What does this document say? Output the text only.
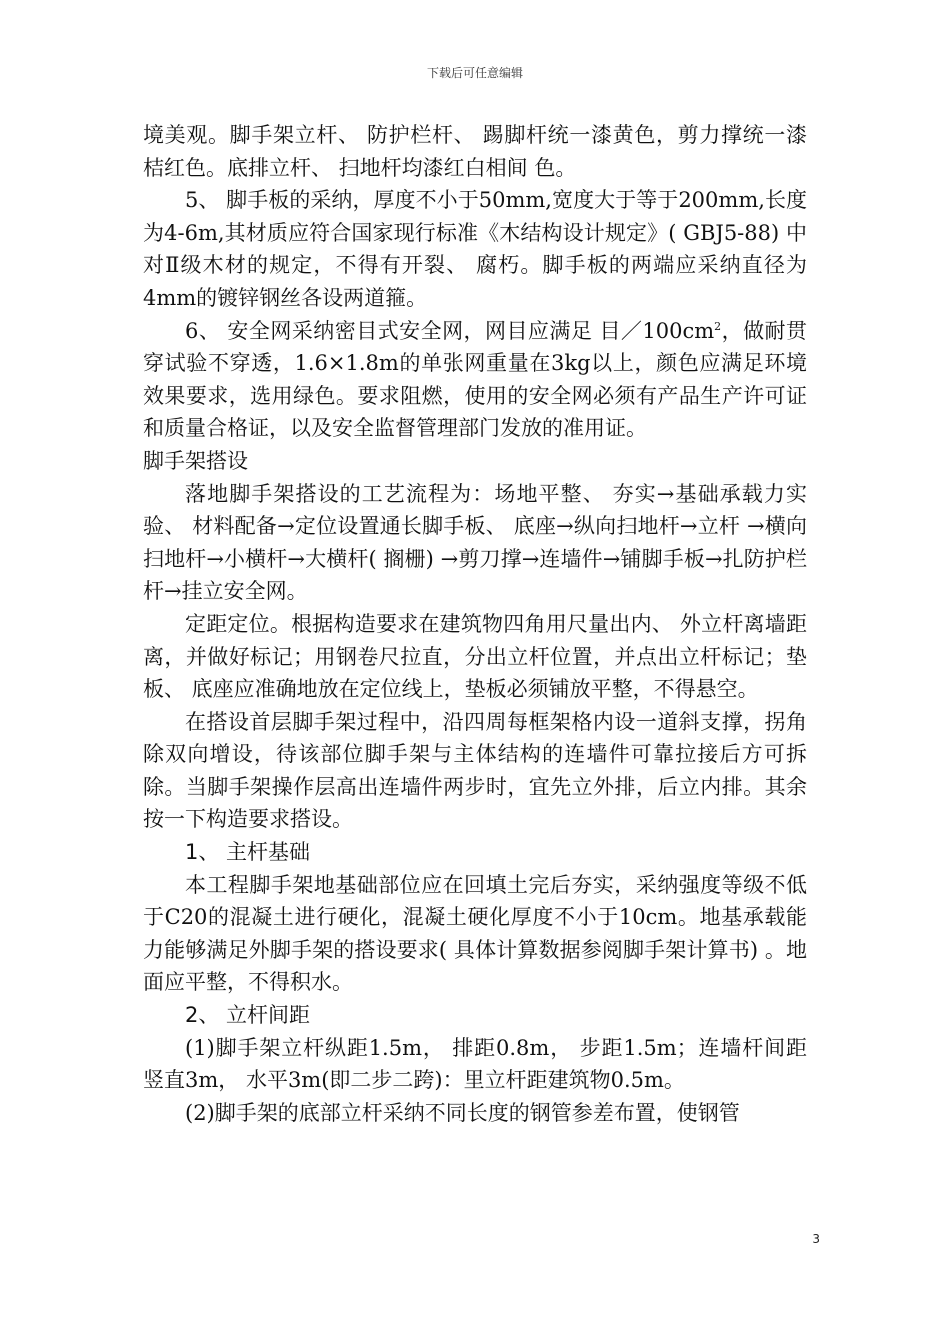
下载后可任意编辑

境美观。脚手架立杆、 防护栏杆、 踢脚杆统一漆黄色，剪力撑统一漆桔红色。底排立杆、 扫地杆均漆红白相间 色。

5、 脚手板的采纳，厚度不小于50mm,宽度大于等于200mm,长度为4-6m,其材质应符合国家现行标准《木结构设计规定》( GBJ5-88) 中对Ⅱ级木材的规定，不得有开裂、 腐朽。脚手板的两端应采纳直径为4mm的镀锌钢丝各设两道箍。

6、 安全网采纳密目式安全网，网目应满足 目$/100cm^2$，做耐贯穿试验不穿透，1.6×1.8m的单张网重量在3kg以上，颜色应满足环境效果要求，选用绿色。要求阻燃，使用的安全网必须有产品生产许可证和质量合格证，以及安全监督管理部门发放的准用证。

脚手架搭设

落地脚手架搭设的工艺流程为：场地平整、 夯实→基础承载力实验、 材料配备→定位设置通长脚手板、 底座→纵向扫地杆→立杆 →横向扫地杆→小横杆→大横杆( 搁栅) →剪刀撑→连墙件→铺脚手板→扎防护栏杆→挂立安全网。

定距定位。根据构造要求在建筑物四角用尺量出内、 外立杆离墙距离，并做好标记；用钢卷尺拉直，分出立杆位置，并点出立杆标记；垫板、 底座应准确地放在定位线上，垫板必须铺放平整，不得悬空。

在搭设首层脚手架过程中，沿四周每框架格内设一道斜支撑，拐角除双向增设，待该部位脚手架与主体结构的连墙件可靠拉接后方可拆除。当脚手架操作层高出连墙件两步时，宜先立外排，后立内排。其余按一下构造要求搭设。

1、 主杆基础

本工程脚手架地基础部位应在回填土完后夯实，采纳强度等级不低于C20的混凝土进行硬化，混凝土硬化厚度不小于10cm。地基承载能力能够满足外脚手架的搭设要求( 具体计算数据参阅脚手架计算书) 。地面应平整，不得积水。

2、 立杆间距

(1)脚手架立杆纵距1.5m， 排距0.8m， 步距1.5m；连墙杆间距竖直3m， 水平3m(即二步二跨)：里立杆距建筑物0.5m。

(2)脚手架的底部立杆采纳不同长度的钢管参差布置，使钢管

3
